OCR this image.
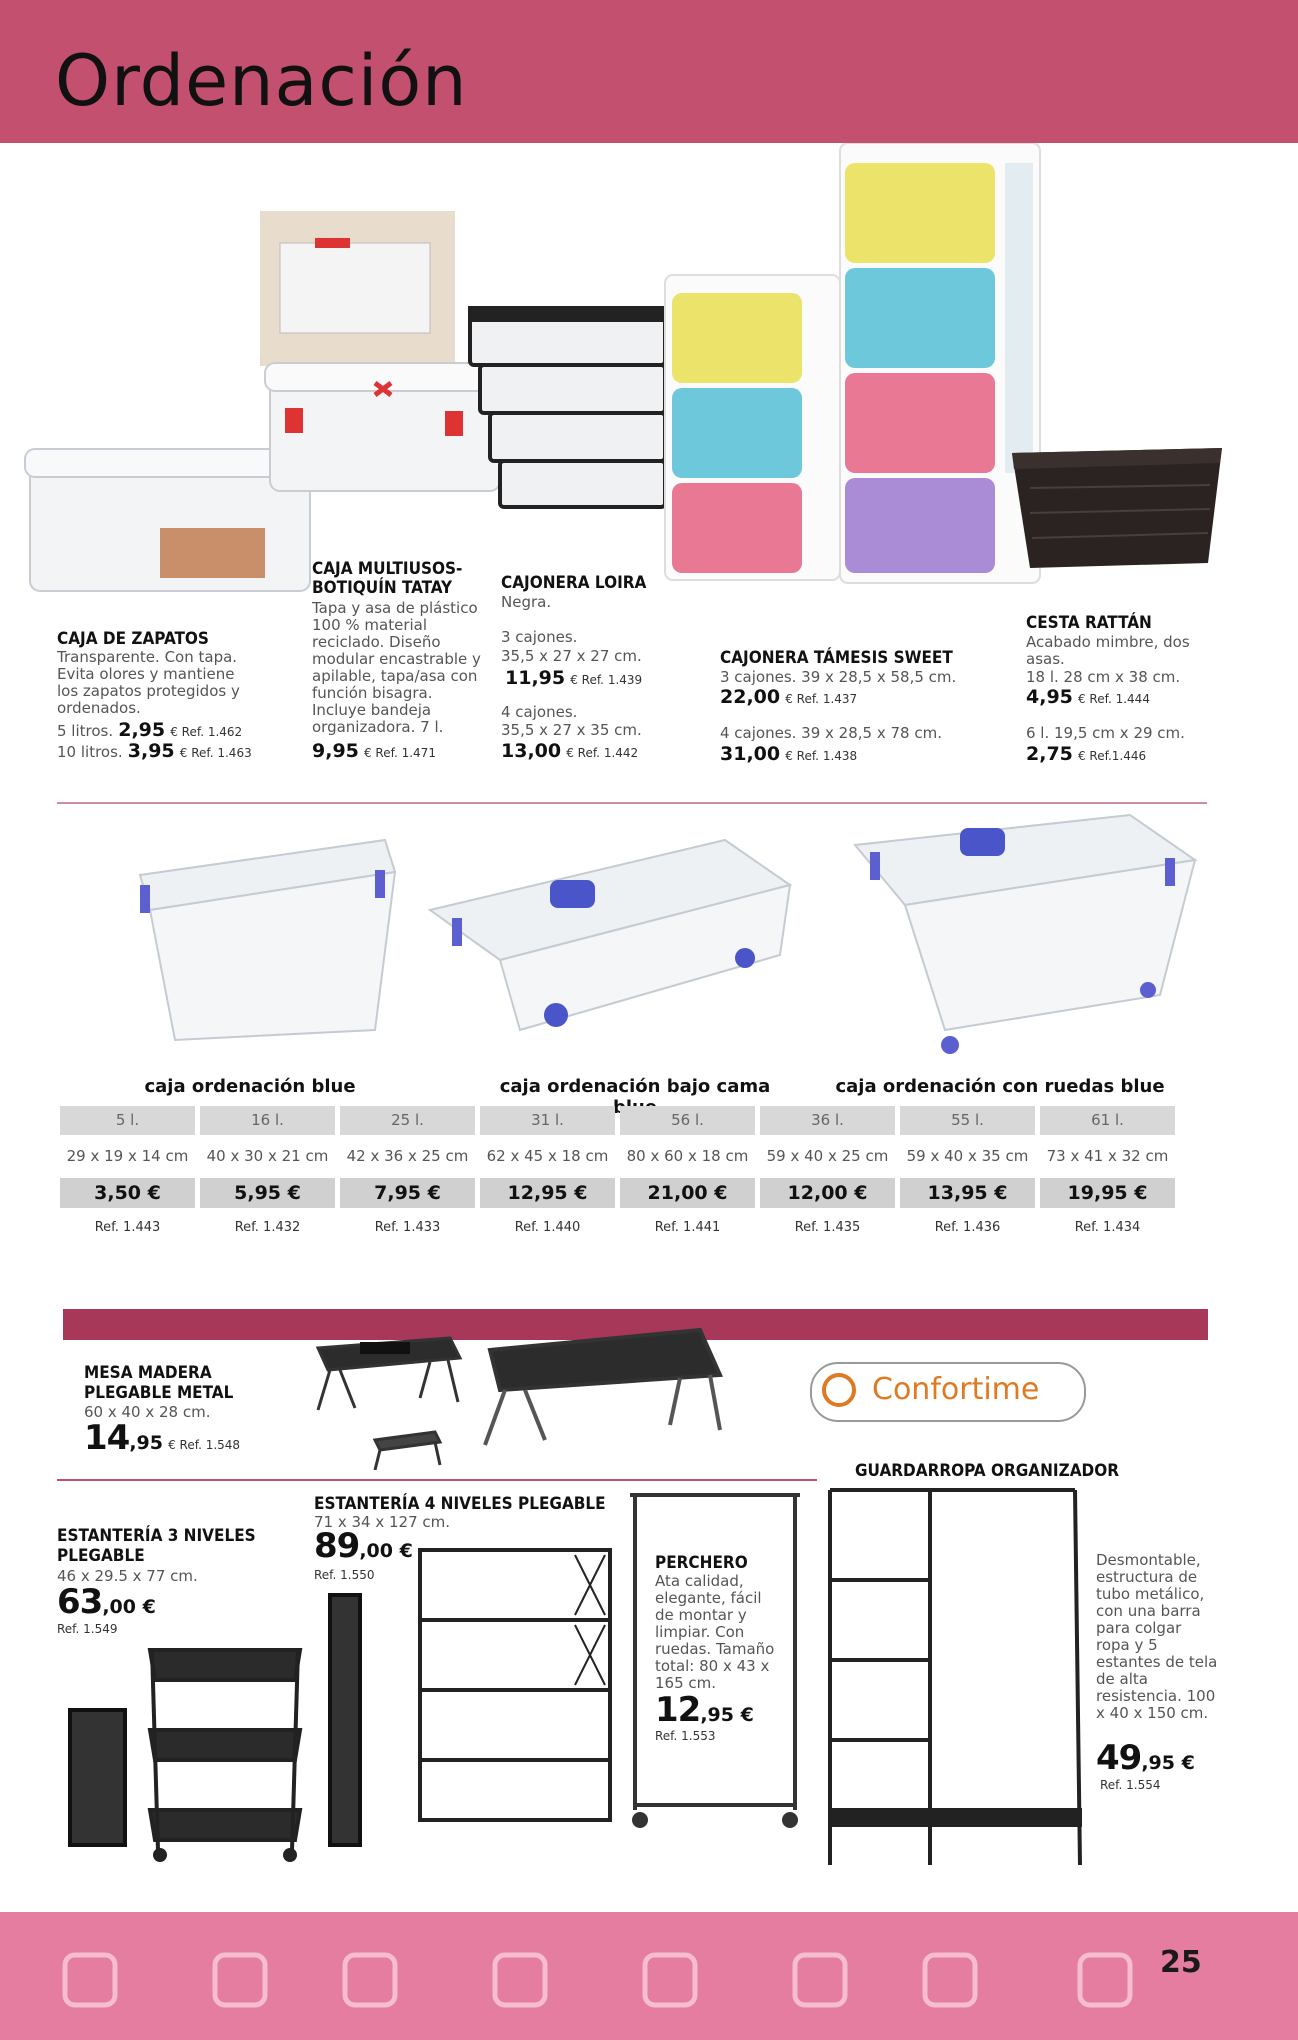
Ordenación
CAJA DE ZAPATOS
Transparente. Con tapa. Evita olores y mantiene los zapatos protegidos y ordenados.
5 litros. 2,95 € Ref. 1.462
10 litros. 3,95 € Ref. 1.463
CAJA MULTIUSOS-BOTIQUÍN TATAY
Tapa y asa de plástico 100 % material reciclado. Diseño modular encastrable y apilable, tapa/asa con función bisagra. Incluye bandeja organizadora. 7 l.
9,95 € Ref. 1.471
CAJONERA LOIRA
Negra.
3 cajones.
35,5 x 27 x 27 cm.
11,95 € Ref. 1.439
4 cajones.
35,5 x 27 x 35 cm.
13,00 € Ref. 1.442
CAJONERA TÁMESIS SWEET
3 cajones. 39 x 28,5 x 58,5 cm.
22,00 € Ref. 1.437
4 cajones. 39 x 28,5 x 78 cm.
31,00 € Ref. 1.438
CESTA RATTÁN
Acabado mimbre, dos asas.
18 l. 28 cm x 38 cm.
4,95 € Ref. 1.444
6 l. 19,5 cm x 29 cm.
2,75 € Ref.1.446
caja ordenación blue	caja ordenación bajo cama	caja ordenación con ruedas blue
5 l.	16 l.	25 l.	31 l.	56 l.	36 l.	55 l.	61 l.
29 x 19 x 14 cm	40 x 30 x 21 cm	42 x 36 x 25 cm	62 x 45 x 18 cm	80 x 60 x 18 cm	59 x 40 x 25 cm	59 x 40 x 35 cm	73 x 41 x 32 cm
3,50 €	5,95 €	7,95 €	12,95 €	21,00 €	12,00 €	13,95 €	19,95 €
Ref. 1.443	Ref. 1.432	Ref. 1.433	Ref. 1.440	Ref. 1.441	Ref. 1.435	Ref. 1.436	Ref. 1.434
MESA MADERA
PLEGABLE METAL
60 x 40 x 28 cm.
14,95 € Ref. 1.548
Confortime
ESTANTERÍA 3 NIVELES
PLEGABLE
46 x 29.5 x 77 cm.
63,00 €
Ref. 1.549
ESTANTERÍA 4 NIVELES PLEGABLE
71 x 34 x 127 cm.
89,00 €
Ref. 1.550
PERCHERO
Ata calidad, elegante, fácil de montar y limpiar. Con ruedas. Tamaño total: 80 x 43 x 165 cm.
12,95 €
Ref. 1.553
GUARDARROPA ORGANIZADOR
Desmontable, estructura de tubo metálico, con una barra para colgar ropa y 5 estantes de tela de alta resistencia. 100 x 40 x 150 cm.
49,95 €
Ref. 1.554
25
